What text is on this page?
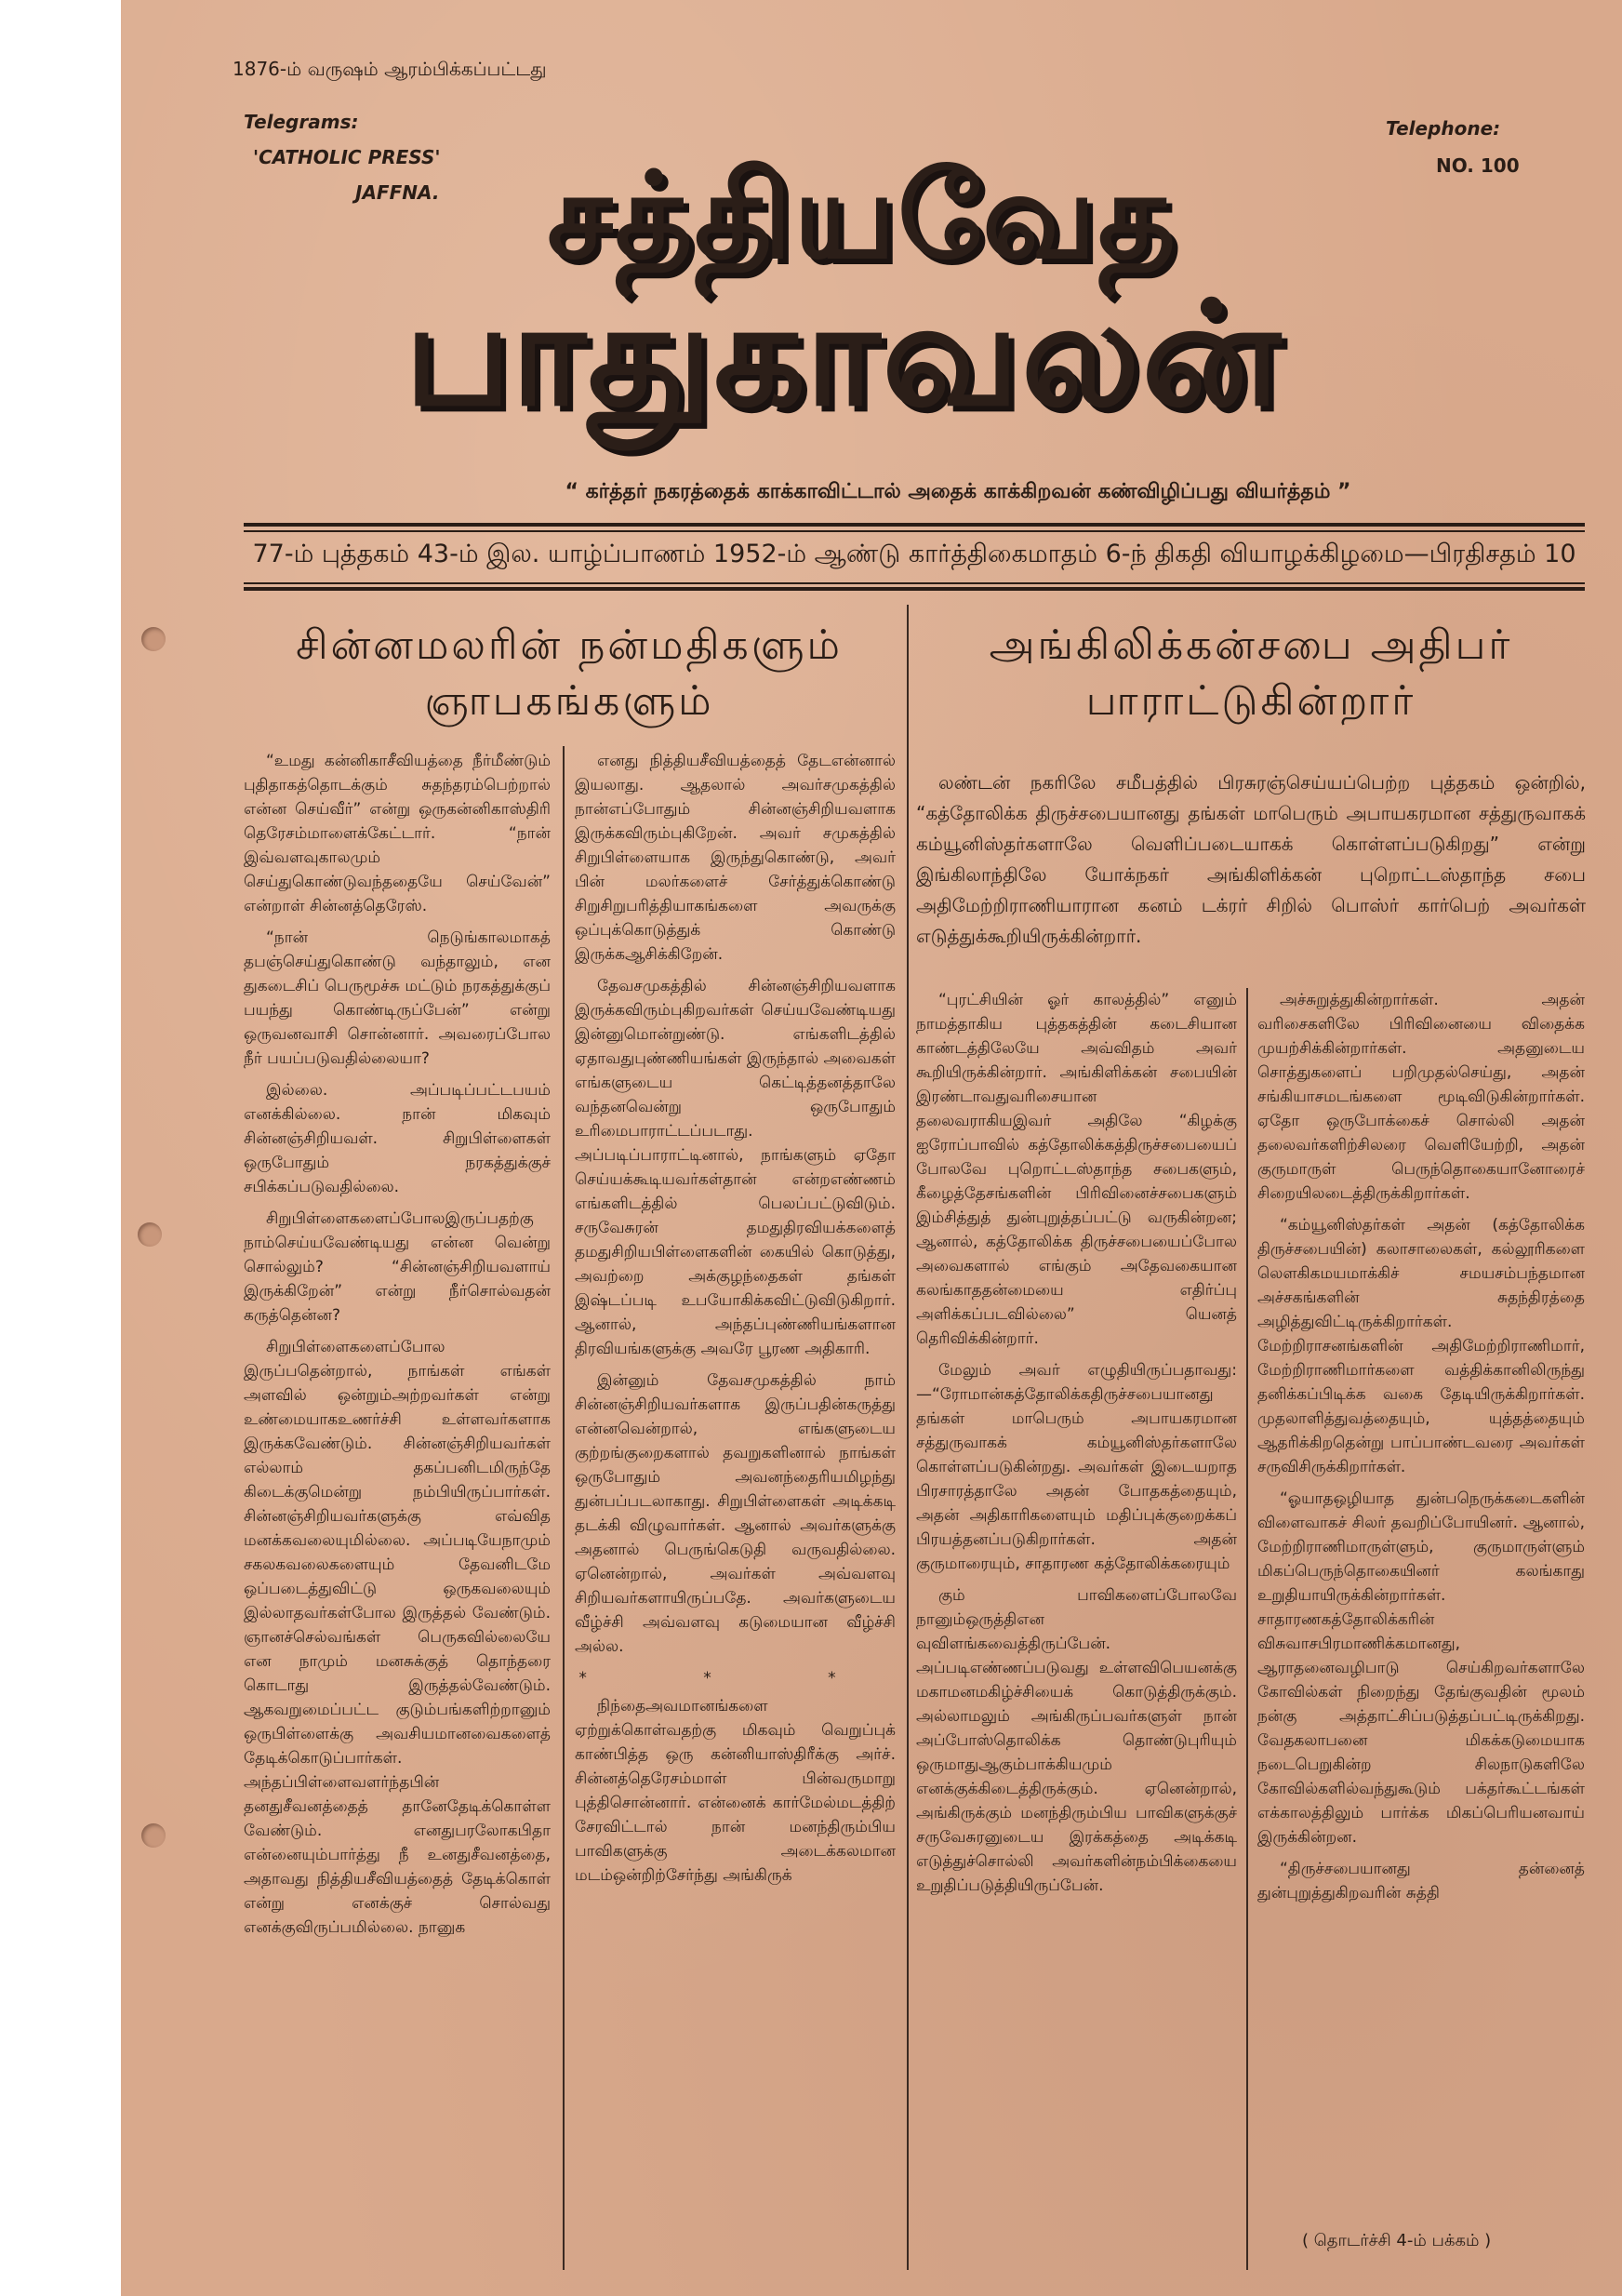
1876-ம் வருஷம் ஆரம்பிக்கப்பட்டது
Telegrams:
'CATHOLIC PRESS'
JAFFNA.
Telephone:
NO. 100
சத்தியவேத
பாதுகாவலன்
“ கர்த்தர் நகரத்தைக் காக்காவிட்டால் அதைக் காக்கிறவன் கண்விழிப்பது வியர்த்தம் ”
77-ம் புத்தகம் 43-ம் இல. யாழ்ப்பாணம் 1952-ம் ஆண்டு கார்த்திகைமாதம் 6-ந் திகதி வியாழக்கிழமை—பிரதிசதம் 10
சின்னமலரின் நன்மதிகளும்
ஞாபகங்களும்

“உமது கன்னிகாசீவியத்தை நீர்மீண்டும் புதிதாகத்தொடக்கும் சுதந்தரம்பெற்றால் என்ன செய்வீர்” என்று ஒருகன்னிகாஸ்திரி தெரேசம்மாளைக்கேட்டார். “நான் இவ்வளவுகாலமும் செய்துகொண்டுவந்ததையே செய்வேன்” என்றாள் சின்னத்தெரேஸ்.

“நான் நெடுங்காலமாகத் தபஞ்செய்துகொண்டு வந்தாலும், என துகடைசிப் பெருமூச்சு மட்டும் நரகத்துக்குப் பயந்து கொண்டிருப்பேன்” என்று ஒருவனவாசி சொன்னார். அவரைப்போல நீர் பயப்படுவதில்லையா?

இல்லை. அப்படிப்பட்டபயம் எனக்கில்லை. நான் மிகவும் சின்னஞ்சிறியவள். சிறுபிள்ளைகள் ஒருபோதும் நரகத்துக்குச் சபிக்கப்படுவதில்லை.

சிறுபிள்ளைகளைப்போலஇருப்பதற்கு நாம்செய்யவேண்டியது என்ன வென்று சொல்லும்? “சின்னஞ்சிறியவளாய் இருக்கிறேன்” என்று நீர்சொல்வதன் கருத்தென்ன?

சிறுபிள்ளைகளைப்போல இருப்பதென்றால், நாங்கள் எங்கள் அளவில் ஒன்றும்அற்றவர்கள் என்று உண்மையாகஉணர்ச்சி உள்ளவர்களாக இருக்கவேண்டும். சின்னஞ்சிறியவர்கள் எல்லாம் தகப்பனிடமிருந்தே கிடைக்குமென்று நம்பியிருப்பார்கள். சின்னஞ்சிறியவர்களுக்கு எவ்வித மனக்கவலையுமில்லை. அப்படியேநாமும் சகலகவலைகளையும் தேவனிடமே ஒப்படைத்துவிட்டு ஒருகவலையும் இல்லாதவர்கள்போல இருத்தல் வேண்டும். ஞானச்செல்வங்கள் பெருகவில்லையே என நாமும் மனசுக்குத் தொந்தரை கொடாது இருத்தல்வேண்டும். ஆகவறுமைப்பட்ட குடும்பங்களிற்றானும் ஒருபிள்ளைக்கு அவசியமானவைகளைத் தேடிக்கொடுப்பார்கள். அந்தப்பிள்ளைவளர்ந்தபின் தனதுசீவனத்தைத் தானேதேடிக்கொள்ள வேண்டும். எனதுபரலோகபிதா என்னையும்பார்த்து நீ உனதுசீவனத்தை, அதாவது நித்தியசீவியத்தைத் தேடிக்கொள் என்று எனக்குச் சொல்வது எனக்குவிருப்பமில்லை. நானுக

எனது நித்தியசீவியத்தைத் தேடஎன்னால் இயலாது. ஆதலால் அவர்சமுகத்தில் நான்எப்போதும் சின்னஞ்சிறியவளாக இருக்கவிரும்புகிறேன். அவர் சமுகத்தில் சிறுபிள்ளையாக இருந்துகொண்டு, அவர் பின் மலர்களைச் சேர்த்துக்கொண்டு சிறுசிறுபரித்தியாகங்களை அவருக்கு ஒப்புக்கொடுத்துக் கொண்டு இருக்கஆசிக்கிறேன்.

தேவசமுகத்தில் சின்னஞ்சிறியவளாக இருக்கவிரும்புகிறவர்கள் செய்யவேண்டியது இன்னுமொன்றுண்டு. எங்களிடத்தில் ஏதாவதுபுண்ணியங்கள் இருந்தால் அவைகள் எங்களுடைய கெட்டித்தனத்தாலே வந்தனவென்று ஒருபோதும் உரிமைபாராட்டப்படாது. அப்படிப்பாராட்டினால், நாங்களும் ஏதோ செய்யக்கூடியவர்கள்தான் என்றஎண்ணம் எங்களிடத்தில் பெலப்பட்டுவிடும். சருவேசுரன் தமதுதிரவியக்களைத் தமதுசிறியபிள்ளைகளின் கையில் கொடுத்து, அவற்றை அக்குழந்தைகள் தங்கள் இஷ்டப்படி உபயோகிக்கவிட்டுவிடுகிறார். ஆனால், அந்தப்புண்ணியங்களான திரவியங்களுக்கு அவரே பூரண அதிகாரி.

இன்னும் தேவசமுகத்தில் நாம் சின்னஞ்சிறியவர்களாக இருப்பதின்கருத்து என்னவென்றால், எங்களுடைய குற்றங்குறைகளால் தவறுகளினால் நாங்கள் ஒருபோதும் அவனந்தைரியமிழந்து துன்பப்படலாகாது. சிறுபிள்ளைகள் அடிக்கடி தடக்கி விழுவார்கள். ஆனால் அவர்களுக்கு அதனால் பெருங்கெடுதி வருவதில்லை. ஏனென்றால், அவர்கள் அவ்வளவு சிறியவர்களாயிருப்பதே. அவர்களுடைய வீழ்ச்சி அவ்வளவு கடுமையான வீழ்ச்சி அல்ல.

* * *

நிந்தைஅவமானங்களை ஏற்றுக்கொள்வதற்கு மிகவும் வெறுப்புக் காண்பித்த ஒரு கன்னியாஸ்திரீக்கு அர்ச். சின்னத்தெரேசம்மாள் பின்வருமாறு புத்திசொன்னார். என்னைக் கார்மேல்மடத்திற் சேரவிட்டால் நான் மனந்திரும்பிய பாவிகளுக்கு அடைக்கலமான மடம்ஒன்றிற்சேர்ந்து அங்கிருக்

அங்கிலிக்கன்சபை அதிபர்
பாராட்டுகின்றார்

லண்டன் நகரிலே சமீபத்தில் பிரசுரஞ்செய்யப்பெற்ற புத்தகம் ஒன்றில், “கத்தோலிக்க திருச்சபையானது தங்கள் மாபெரும் அபாயகரமான சத்துருவாகக் கம்யூனிஸ்தர்களாலே வெளிப்படையாகக் கொள்ளப்படுகிறது” என்று இங்கிலாந்திலே யோக்நகர் அங்கிளிக்கன் புறொட்டஸ்தாந்த சபை அதிமேற்றிராணியாரான கனம் டக்ரர் சிறில் பொஸ்ர் கார்பெற் அவர்கள் எடுத்துக்கூறியிருக்கின்றார்.

“புரட்சியின் ஓர் காலத்தில்” எனும் நாமத்தாகிய புத்தகத்தின் கடைசியான காண்டத்திலேயே அவ்விதம் அவர் கூறியிருக்கின்றார். அங்கிளிக்கன் சபையின் இரண்டாவதுவரிசையான தலைவராகியஇவர் அதிலே “கிழக்கு ஐரோப்பாவில் கத்தோலிக்கத்திருச்சபையைப் போலவே புறொட்டஸ்தாந்த சபைகளும், கீழைத்தேசங்களின் பிரிவினைச்சபைகளும் இம்சித்துத் துன்புறுத்தப்பட்டு வருகின்றன; ஆனால், கத்தோலிக்க திருச்சபையைப்போல அவைகளால் எங்கும் அதேவகையான கலங்காததன்மையை எதிர்ப்பு அளிக்கப்படவில்லை” யெனத் தெரிவிக்கின்றார்.

மேலும் அவர் எழுதியிருப்பதாவது:—“ரோமான்கத்தோலிக்கதிருச்சபையானது தங்கள் மாபெரும் அபாயகரமான சத்துருவாகக் கம்யூனிஸ்தர்களாலே கொள்ளப்படுகின்றது. அவர்கள் இடையறாத பிரசாரத்தாலே அதன் போதகத்தையும், அதன் அதிகாரிகளையும் மதிப்புக்குறைக்கப் பிரயத்தனப்படுகிறார்கள். அதன் குருமாரையும், சாதாரண கத்தோலிக்கரையும்

கும் பாவிகளைப்போலவே நானும்ஒருத்திஎன வுவிளங்கவைத்திருப்பேன். அப்படிஎண்ணப்படுவது உள்ளவிபெயனக்கு மகாமனமகிழ்ச்சியைக் கொடுத்திருக்கும். அல்லாமலும் அங்கிருப்பவர்களுள் நான் அப்போஸ்தொலிக்க தொண்டுபுரியும் ஒருமாதுஆகும்பாக்கியமும் எனக்குக்கிடைத்திருக்கும். ஏனென்றால், அங்கிருக்கும் மனந்திரும்பிய பாவிகளுக்குச் சருவேசுரனுடைய இரக்கத்தை அடிக்கடி எடுத்துச்சொல்லி அவர்களின்நம்பிக்கையை உறுதிப்படுத்தியிருப்பேன்.

அச்சுறுத்துகின்றார்கள். அதன் வரிசைகளிலே பிரிவினையை விதைக்க முயற்சிக்கின்றார்கள். அதனுடைய சொத்துகளைப் பறிமுதல்செய்து, அதன் சங்கியாசமடங்களை மூடிவிடுகின்றார்கள். ஏதோ ஒருபோக்கைச் சொல்லி அதன் தலைவர்களிற்சிலரை வெளியேற்றி, அதன் குருமாருள் பெருந்தொகையானோரைச் சிறையிலடைத்திருக்கிறார்கள்.

“கம்யூனிஸ்தர்கள் அதன் (கத்தோலிக்க திருச்சபையின்) கலாசாலைகள், கல்லூரிகளை லௌகிகமயமாக்கிச் சமயசம்பந்தமான அச்சகங்களின் சுதந்திரத்தை அழித்துவிட்டிருக்கிறார்கள். மேற்றிராசனங்களின் அதிமேற்றிராணிமார், மேற்றிராணிமார்களை வத்திக்கானிலிருந்து தனிக்கப்பிடிக்க வகை தேடியிருக்கிறார்கள். முதலாளித்துவத்தையும், யுத்தத்தையும் ஆதரிக்கிறதென்று பாப்பாண்டவரை அவர்கள் சருவிசிருக்கிறார்கள்.

“ஓயாதஒழியாத துன்பநெருக்கடைகளின் விளைவாகச் சிலர் தவறிப்போயினர். ஆனால், மேற்றிராணிமாருள்ளும், குருமாருள்ளும் மிகப்பெருந்தொகையினர் கலங்காது உறுதியாயிருக்கின்றார்கள். சாதாரணகத்தோலிக்கரின் விசுவாசபிரமாணிக்கமானது, ஆராதனைவழிபாடு செய்கிறவர்களாலே கோவில்கள் நிறைந்து தேங்குவதின் மூலம் நன்கு அத்தாட்சிப்படுத்தப்பட்டிருக்கிறது. வேதகலாபனை மிகக்கடுமையாக நடைபெறுகின்ற சிலநாடுகளிலே கோவில்களில்வந்துகூடும் பக்தர்கூட்டங்கள் எக்காலத்திலும் பார்க்க மிகப்பெரியனவாய் இருக்கின்றன.

“திருச்சபையானது தன்னைத் துன்புறுத்துகிறவரின் சுத்தி

( தொடர்ச்சி 4-ம் பக்கம் )
